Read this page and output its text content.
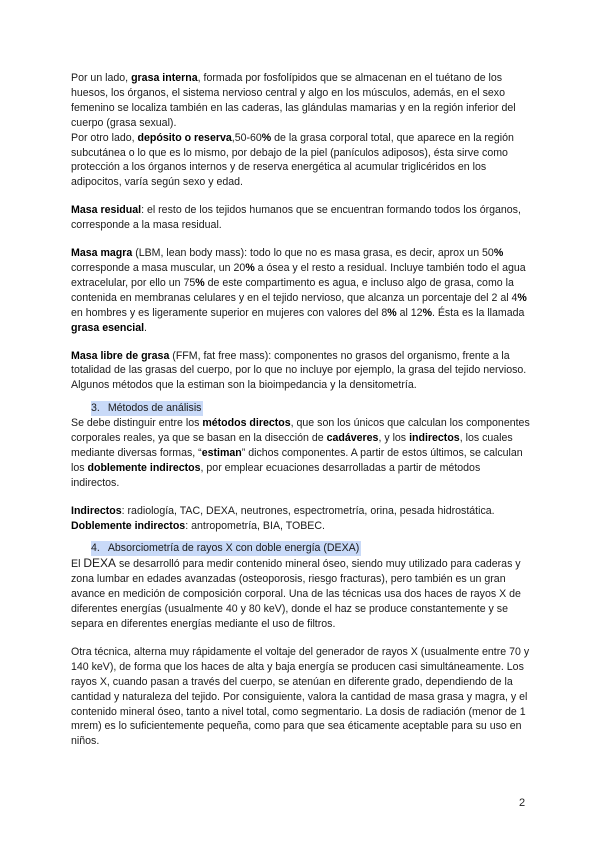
Por un lado, grasa interna, formada por fosfolípidos que se almacenan en el tuétano de los huesos, los órganos, el sistema nervioso central y algo en los músculos, además, en el sexo femenino se localiza también en las caderas, las glándulas mamarias y en la región inferior del cuerpo (grasa sexual).

Por otro lado, depósito o reserva,50-60% de la grasa corporal total, que aparece en la región subcutánea o lo que es lo mismo, por debajo de la piel (panículos adiposos), ésta sirve como protección a los órganos internos y de reserva energética al acumular triglicéridos en los adipocitos, varía según sexo y edad.

Masa residual: el resto de los tejidos humanos que se encuentran formando todos los órganos, corresponde a la masa residual.

Masa magra (LBM, lean body mass): todo lo que no es masa grasa, es decir, aprox un 50% corresponde a masa muscular, un 20% a ósea y el resto a residual. Incluye también todo el agua extracelular, por ello un 75% de este compartimento es agua, e incluso algo de grasa, como la contenida en membranas celulares y en el tejido nervioso, que alcanza un porcentaje del 2 al 4% en hombres y es ligeramente superior en mujeres con valores del 8% al 12%. Ésta es la llamada grasa esencial.

Masa libre de grasa (FFM, fat free mass): componentes no grasos del organismo, frente a la totalidad de las grasas del cuerpo, por lo que no incluye por ejemplo, la grasa del tejido nervioso. Algunos métodos que la estiman son la bioimpedancia y la densitometría.

3. Métodos de análisis

Se debe distinguir entre los métodos directos, que son los únicos que calculan los componentes corporales reales, ya que se basan en la disección de cadáveres, y los indirectos, los cuales mediante diversas formas, “estiman” dichos componentes. A partir de estos últimos, se calculan los doblemente indirectos, por emplear ecuaciones desarrolladas a partir de métodos indirectos.

Indirectos: radiología, TAC, DEXA, neutrones, espectrometría, orina, pesada hidrostática.

Doblemente indirectos: antropometría, BIA, TOBEC.

4. Absorciometría de rayos X con doble energía (DEXA)

El DEXA se desarrolló para medir contenido mineral óseo, siendo muy utilizado para caderas y zona lumbar en edades avanzadas (osteoporosis, riesgo fracturas), pero también es un gran avance en medición de composición corporal. Una de las técnicas usa dos haces de rayos X de diferentes energías (usualmente 40 y 80 keV), donde el haz se produce constantemente y se separa en diferentes energías mediante el uso de filtros.

Otra técnica, alterna muy rápidamente el voltaje del generador de rayos X (usualmente entre 70 y 140 keV), de forma que los haces de alta y baja energía se producen casi simultáneamente. Los rayos X, cuando pasan a través del cuerpo, se atenúan en diferente grado, dependiendo de la cantidad y naturaleza del tejido. Por consiguiente, valora la cantidad de masa grasa y magra, y el contenido mineral óseo, tanto a nivel total, como segmentario. La dosis de radiación (menor de 1 mrem) es lo suficientemente pequeña, como para que sea éticamente aceptable para su uso en niños.

2
